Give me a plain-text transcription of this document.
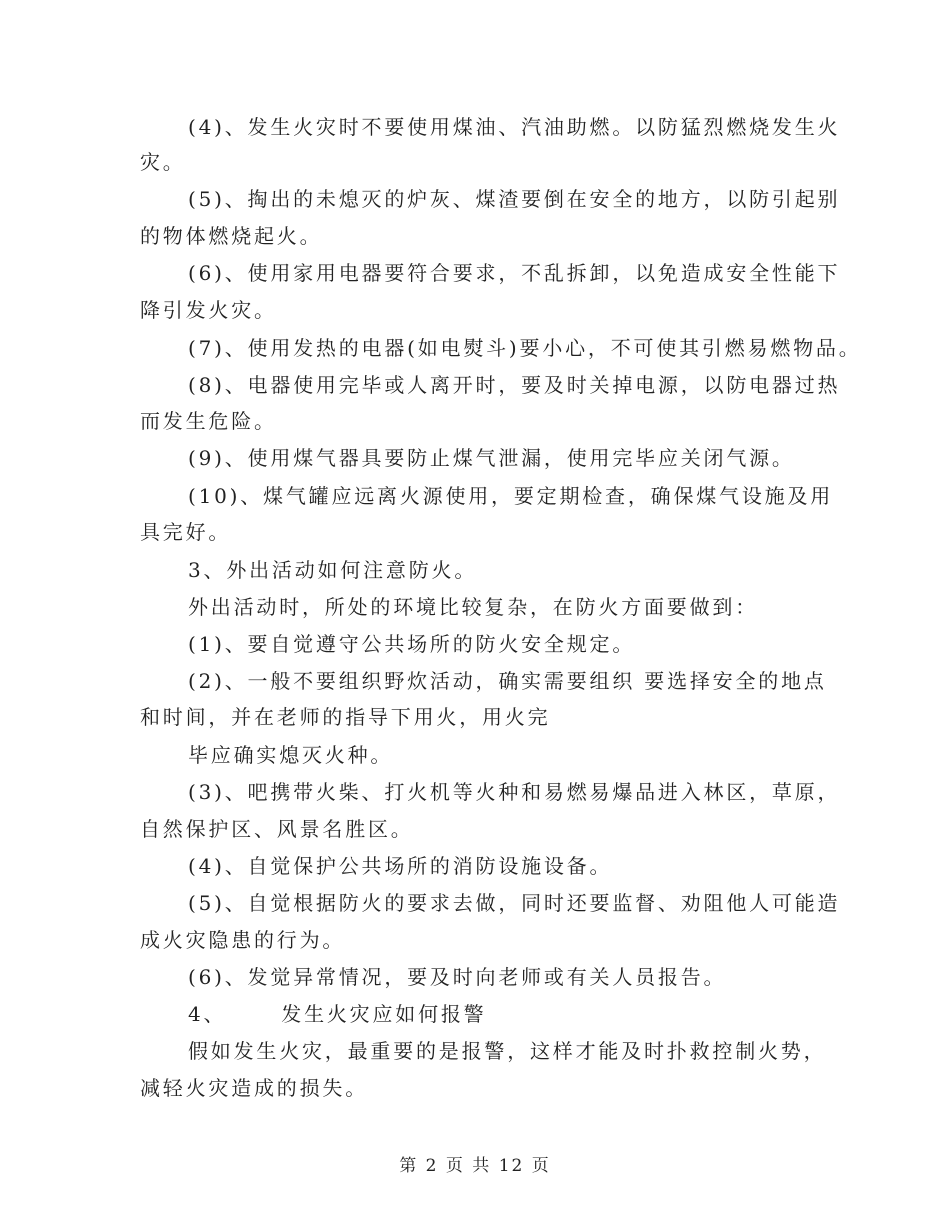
(4)、发生火灾时不要使用煤油、汽油助燃。以防猛烈燃烧发生火

灾。

(5)、掏出的未熄灭的炉灰、煤渣要倒在安全的地方，以防引起别

的物体燃烧起火。

(6)、使用家用电器要符合要求，不乱拆卸，以免造成安全性能下

降引发火灾。

(7)、使用发热的电器(如电熨斗)要小心，不可使其引燃易燃物品。

(8)、电器使用完毕或人离开时，要及时关掉电源，以防电器过热

而发生危险。

(9)、使用煤气器具要防止煤气泄漏，使用完毕应关闭气源。

(10)、煤气罐应远离火源使用，要定期检查，确保煤气设施及用

具完好。

3、外出活动如何注意防火。

外出活动时，所处的环境比较复杂，在防火方面要做到：

(1)、要自觉遵守公共场所的防火安全规定。

(2)、一般不要组织野炊活动，确实需要组织 要选择安全的地点

和时间，并在老师的指导下用火，用火完

毕应确实熄灭火种。

(3)、吧携带火柴、打火机等火种和易燃易爆品进入林区，草原，

自然保护区、风景名胜区。

(4)、自觉保护公共场所的消防设施设备。

(5)、自觉根据防火的要求去做，同时还要监督、劝阻他人可能造

成火灾隐患的行为。

(6)、发觉异常情况，要及时向老师或有关人员报告。

4、      发生火灾应如何报警

假如发生火灾，最重要的是报警，这样才能及时扑救控制火势，

减轻火灾造成的损失。

第 2 页 共 12 页
